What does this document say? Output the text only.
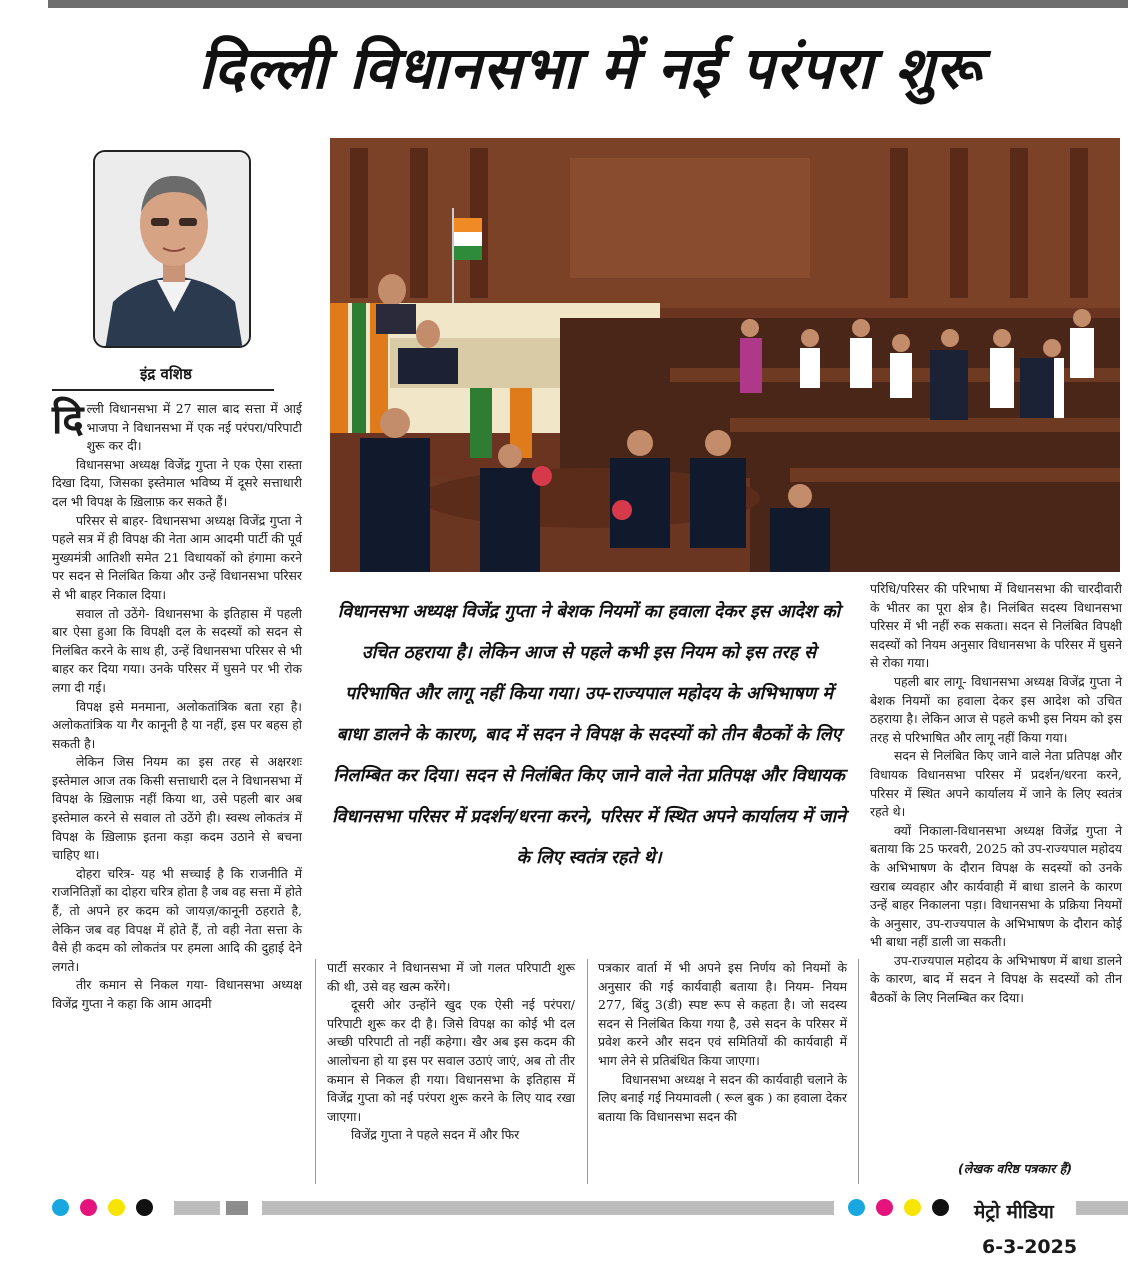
दिल्ली विधानसभा में नई परंपरा शुरू
इंद्र वशिष्ठ

दिल्ली विधानसभा में 27 साल बाद सत्ता में आई भाजपा ने विधानसभा में एक नई परंपरा/परिपाटी शुरू कर दी।

विधानसभा अध्यक्ष विजेंद्र गुप्ता ने एक ऐसा रास्ता दिखा दिया, जिसका इस्तेमाल भविष्य में दूसरे सत्ताधारी दल भी विपक्ष के ख़िलाफ़ कर सकते हैं।

परिसर से बाहर- विधानसभा अध्यक्ष विजेंद्र गुप्ता ने पहले सत्र में ही विपक्ष की नेता आम आदमी पार्टी की पूर्व मुख्यमंत्री आतिशी समेत 21 विधायकों को हंगामा करने पर सदन से निलंबित किया और उन्हें विधानसभा परिसर से भी बाहर निकाल दिया।

सवाल तो उठेंगे- विधानसभा के इतिहास में पहली बार ऐसा हुआ कि विपक्षी दल के सदस्यों को सदन से निलंबित करने के साथ ही, उन्हें विधानसभा परिसर से भी बाहर कर दिया गया। उनके परिसर में घुसने पर भी रोक लगा दी गई।

विपक्ष इसे मनमाना, अलोकतांत्रिक बता रहा है। अलोकतांत्रिक या गैर कानूनी है या नहीं, इस पर बहस हो सकती है।

लेकिन जिस नियम का इस तरह से अक्षरशः इस्तेमाल आज तक किसी सत्ताधारी दल ने विधानसभा में विपक्ष के ख़िलाफ़ नहीं किया था, उसे पहली बार अब इस्तेमाल करने से सवाल तो उठेंगे ही। स्वस्थ लोकतंत्र में विपक्ष के ख़िलाफ़ इतना कड़ा कदम उठाने से बचना चाहिए था।

दोहरा चरित्र- यह भी सच्चाई है कि राजनीति में राजनितिज्ञों का दोहरा चरित्र होता है जब वह सत्ता में होते हैं, तो अपने हर कदम को जायज़/कानूनी ठहराते है, लेकिन जब वह विपक्ष में होते हैं, तो वही नेता सत्ता के वैसे ही कदम को लोकतंत्र पर हमला आदि की दुहाई देने लगते।

तीर कमान से निकल गया- विधानसभा अध्यक्ष विजेंद्र गुप्ता ने कहा कि आम आदमी

विधानसभा अध्यक्ष विजेंद्र गुप्ता ने बेशक नियमों का हवाला देकर इस आदेश को उचित ठहराया है। लेकिन आज से पहले कभी इस नियम को इस तरह से परिभाषित और लागू नहीं किया गया। उप-राज्यपाल महोदय के अभिभाषण में बाधा डालने के कारण, बाद में सदन ने विपक्ष के सदस्यों को तीन बैठकों के लिए निलम्बित कर दिया। सदन से निलंबित किए जाने वाले नेता प्रतिपक्ष और विधायक विधानसभा परिसर में प्रदर्शन/धरना करने, परिसर में स्थित अपने कार्यालय में जाने के लिए स्वतंत्र रहते थे।

पार्टी सरकार ने विधानसभा में जो गलत परिपाटी शुरू की थी, उसे वह खत्म करेंगे।

दूसरी ओर उन्होंने खुद एक ऐसी नई परंपरा/ परिपाटी शुरू कर दी है। जिसे विपक्ष का कोई भी दल अच्छी परिपाटी तो नहीं कहेगा। खैर अब इस कदम की आलोचना हो या इस पर सवाल उठाएं जाएं, अब तो तीर कमान से निकल ही गया। विधानसभा के इतिहास में विजेंद्र गुप्ता को नई परंपरा शुरू करने के लिए याद रखा जाएगा।

विजेंद्र गुप्ता ने पहले सदन में और फिर

पत्रकार वार्ता में भी अपने इस निर्णय को नियमों के अनुसार की गई कार्यवाही बताया है। नियम- नियम 277, बिंदु 3(डी) स्पष्ट रूप से कहता है। जो सदस्य सदन से निलंबित किया गया है, उसे सदन के परिसर में प्रवेश करने और सदन एवं समितियों की कार्यवाही में भाग लेने से प्रतिबंधित किया जाएगा।

विधानसभा अध्यक्ष ने सदन की कार्यवाही चलाने के लिए बनाई गई नियमावली ( रूल बुक ) का हवाला देकर बताया कि विधानसभा सदन की

परिधि/परिसर की परिभाषा में विधानसभा की चारदीवारी के भीतर का पूरा क्षेत्र है। निलंबित सदस्य विधानसभा परिसर में भी नहीं रुक सकता। सदन से निलंबित विपक्षी सदस्यों को नियम अनुसार विधानसभा के परिसर में घुसने से रोका गया।

पहली बार लागू- विधानसभा अध्यक्ष विजेंद्र गुप्ता ने बेशक नियमों का हवाला देकर इस आदेश को उचित ठहराया है। लेकिन आज से पहले कभी इस नियम को इस तरह से परिभाषित और लागू नहीं किया गया।

सदन से निलंबित किए जाने वाले नेता प्रतिपक्ष और विधायक विधानसभा परिसर में प्रदर्शन/धरना करने, परिसर में स्थित अपने कार्यालय में जाने के लिए स्वतंत्र रहते थे।

क्यों निकाला-विधानसभा अध्यक्ष विजेंद्र गुप्ता ने बताया कि 25 फरवरी, 2025 को उप-राज्यपाल महोदय के अभिभाषण के दौरान विपक्ष के सदस्यों को उनके खराब व्यवहार और कार्यवाही में बाधा डालने के कारण उन्हें बाहर निकालना पड़ा। विधानसभा के प्रक्रिया नियमों के अनुसार, उप-राज्यपाल के अभिभाषण के दौरान कोई भी बाधा नहीं डाली जा सकती।

उप-राज्यपाल महोदय के अभिभाषण में बाधा डालने के कारण, बाद में सदन ने विपक्ष के सदस्यों को तीन बैठकों के लिए निलम्बित कर दिया।

(लेखक वरिष्ठ पत्रकार हैं)
मेट्रो मीडिया
6-3-2025
